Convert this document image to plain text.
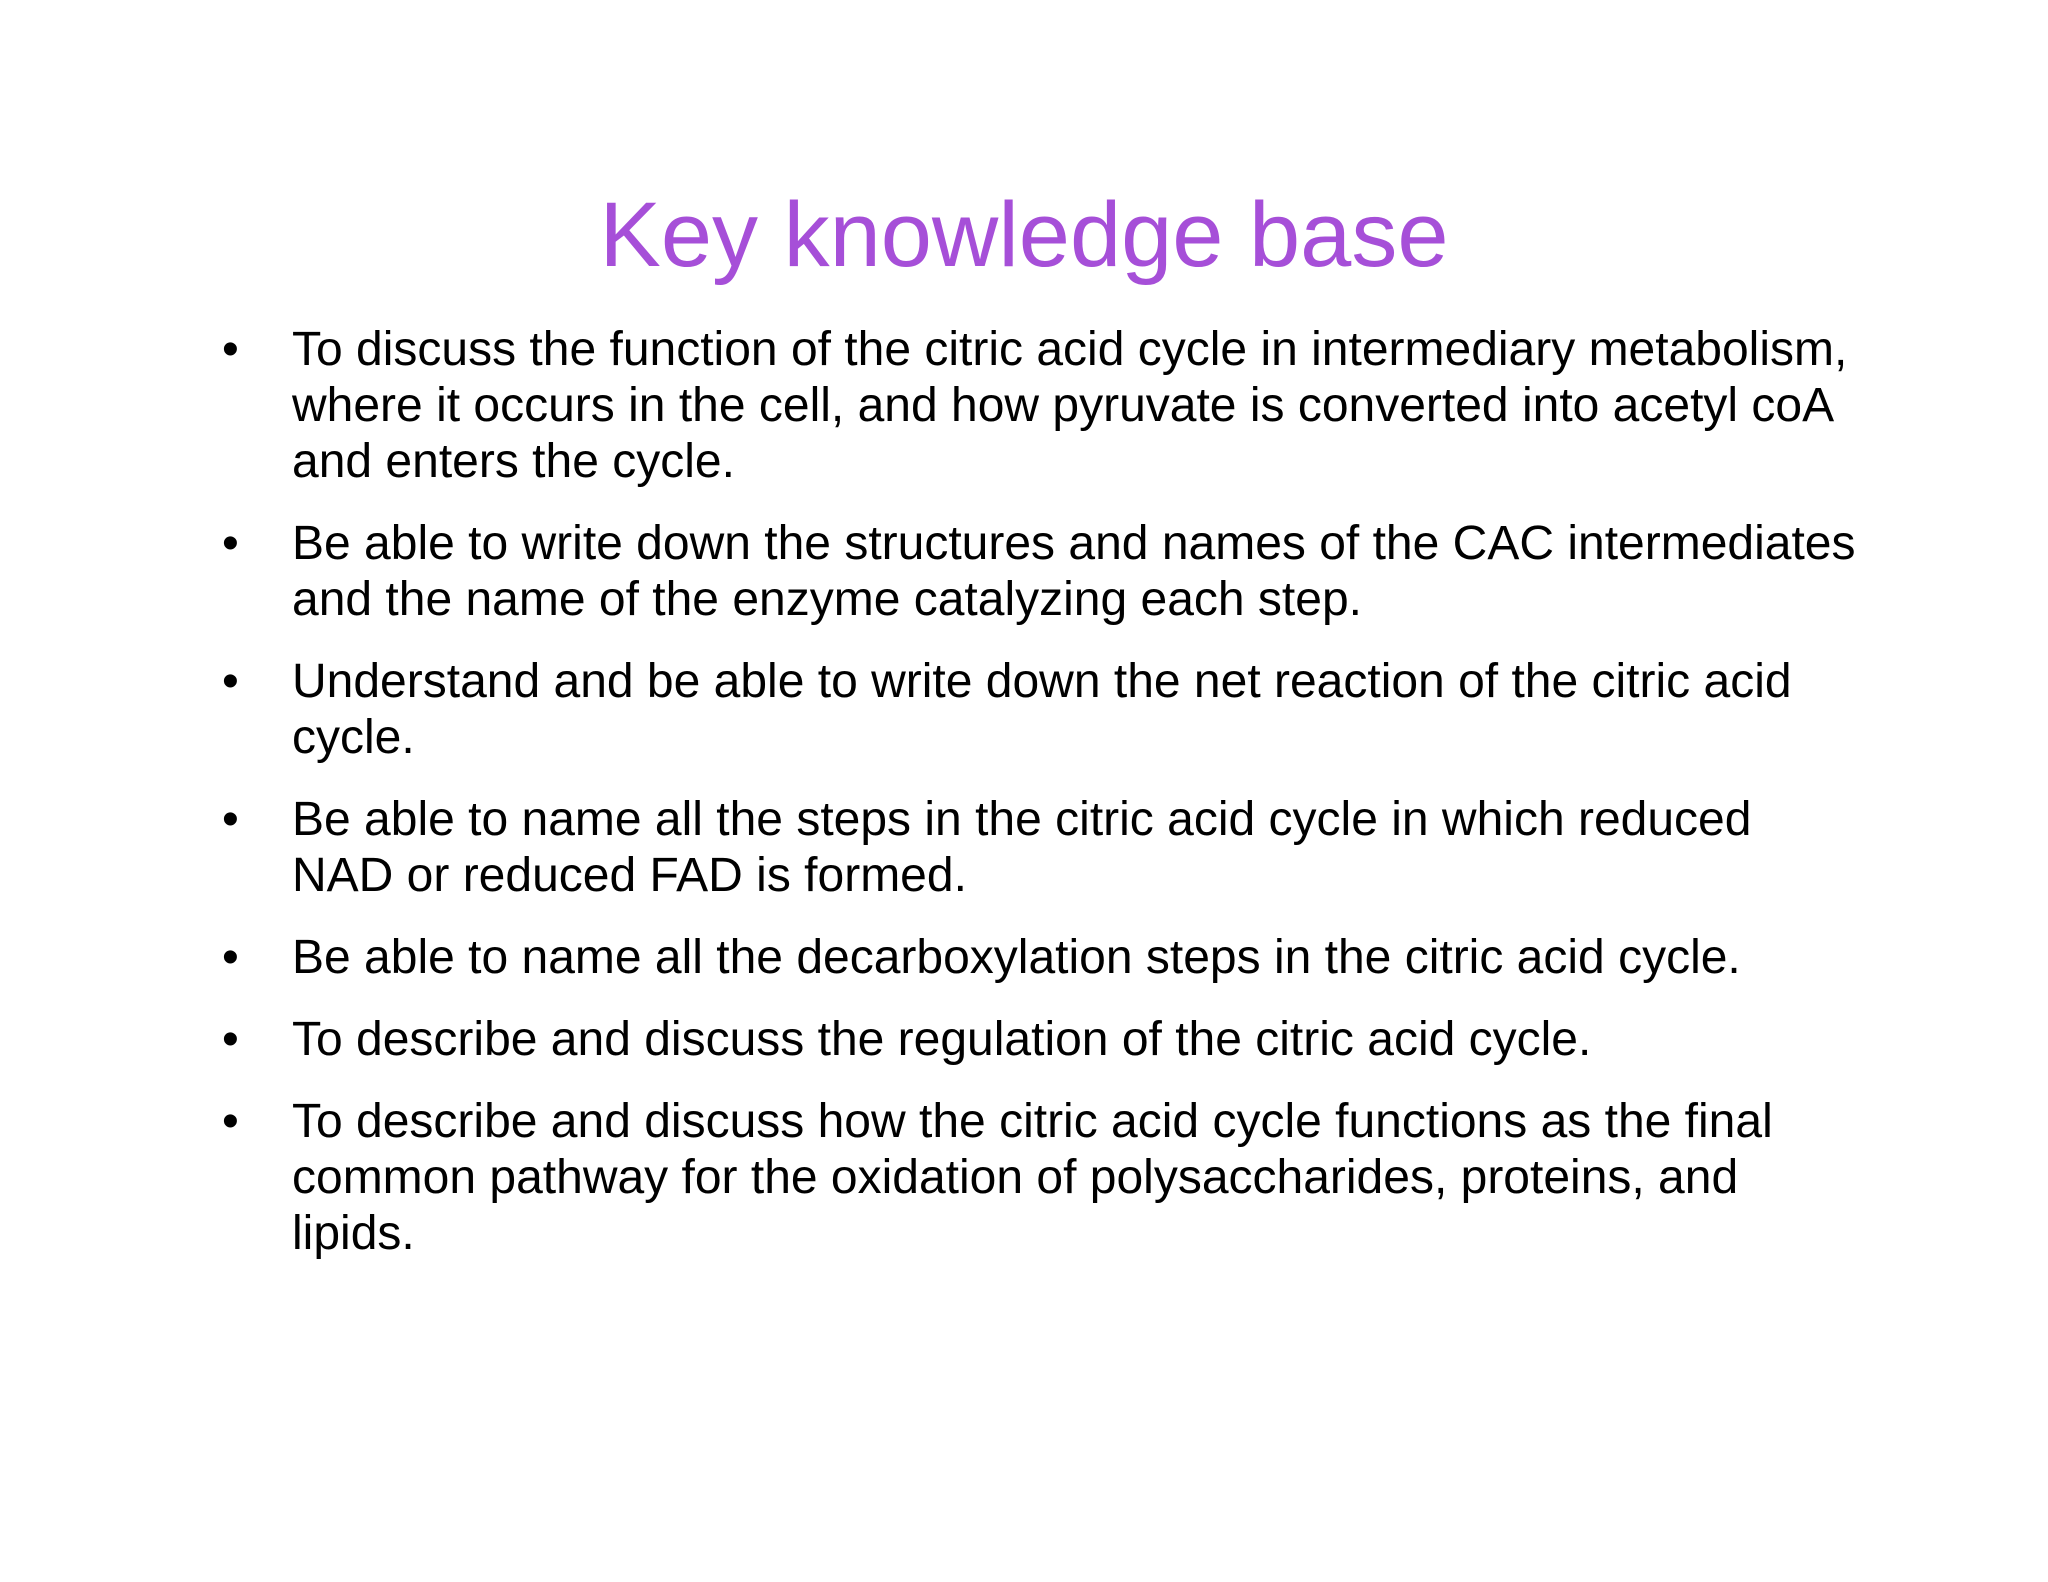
Key knowledge base
• To discuss the function of the citric acid cycle in intermediary metabolism, where it occurs in the cell, and how pyruvate is converted into acetyl coA and enters the cycle.
• Be able to write down the structures and names of the CAC intermediates and the name of the enzyme catalyzing each step.
• Understand and be able to write down the net reaction of the citric acid cycle.
• Be able to name all the steps in the citric acid cycle in which reduced NAD or reduced FAD is formed.
• Be able to name all the decarboxylation steps in the citric acid cycle.
• To describe and discuss the regulation of the citric acid cycle.
• To describe and discuss how the citric acid cycle functions as the final common pathway for the oxidation of polysaccharides, proteins, and lipids.
